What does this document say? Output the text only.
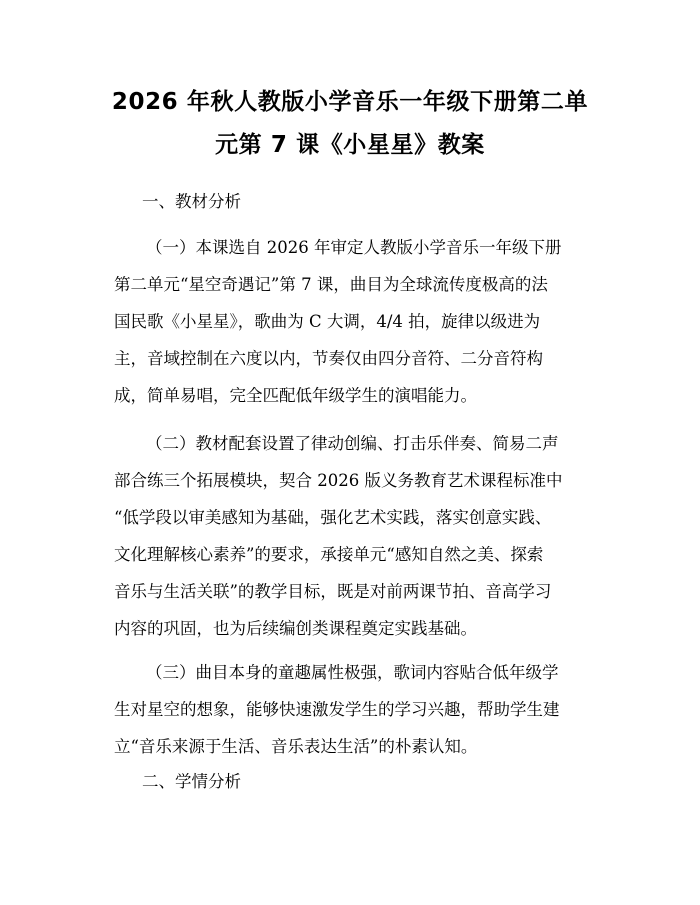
2026 年秋人教版小学音乐一年级下册第二单
元第 7 课《小星星》教案
一、教材分析
（一）本课选自 2026 年审定人教版小学音乐一年级下册
第二单元“星空奇遇记”第 7 课，曲目为全球流传度极高的法
国民歌《小星星》，歌曲为 C 大调，4/4 拍，旋律以级进为
主，音域控制在六度以内，节奏仅由四分音符、二分音符构
成，简单易唱，完全匹配低年级学生的演唱能力。
（二）教材配套设置了律动创编、打击乐伴奏、简易二声
部合练三个拓展模块，契合 2026 版义务教育艺术课程标准中
“低学段以审美感知为基础，强化艺术实践，落实创意实践、
文化理解核心素养”的要求，承接单元“感知自然之美、探索
音乐与生活关联”的教学目标，既是对前两课节拍、音高学习
内容的巩固，也为后续编创类课程奠定实践基础。
（三）曲目本身的童趣属性极强，歌词内容贴合低年级学
生对星空的想象，能够快速激发学生的学习兴趣，帮助学生建
立“音乐来源于生活、音乐表达生活”的朴素认知。
二、学情分析
